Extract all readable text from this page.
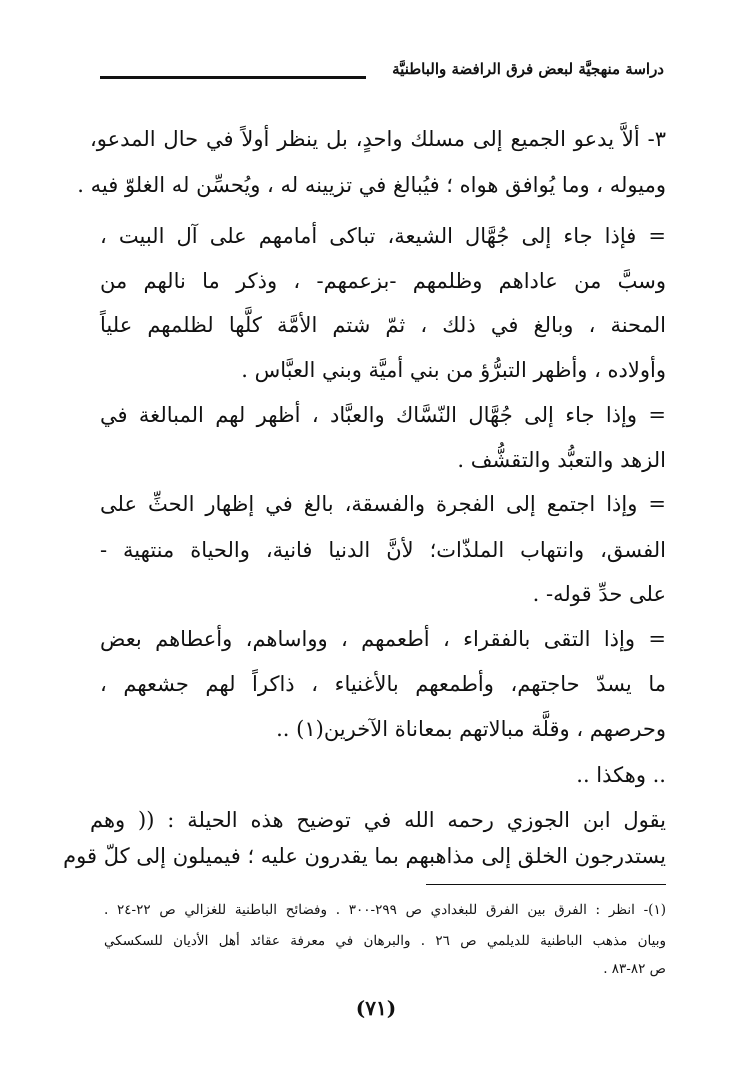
دراسة منهجيَّة لبعض فرق الرافضة والباطنيَّة
٣- ألاَّ يدعو الجميع إلى مسلك واحدٍ، بل ينظر أولاً في حال المدعو،
وميوله ، وما يُوافق هواه ؛ فيُبالغ في تزيينه له ، ويُحسِّن له الغلوّ فيه .
= فإذا جاء إلى جُهَّال الشيعة، تباكى أمامهم على آل البيت ،
وسبَّ من عاداهم وظلمهم -بزعمهم- ، وذكر ما نالهم من
المحنة ، وبالغ في ذلك ، ثمّ شتم الأمَّة كلَّها لظلمهم علياً
وأولاده ، وأظهر التبرُّؤ من بني أميَّة وبني العبَّاس .
= وإذا جاء إلى جُهَّال النّسَّاك والعبَّاد ، أظهر لهم المبالغة في
الزهد والتعبُّد والتقشُّف .
= وإذا اجتمع إلى الفجرة والفسقة، بالغ في إظهار الحثِّ على
الفسق، وانتهاب الملذّات؛ لأنَّ الدنيا فانية، والحياة منتهية -
على حدِّ قوله- .
= وإذا التقى بالفقراء ، أطعمهم ، وواساهم، وأعطاهم بعض
ما يسدّ حاجتهم، وأطمعهم بالأغنياء ، ذاكراً لهم جشعهم ،
وحرصهم ، وقلَّة مبالاتهم بمعاناة الآخرين(١) ..
.. وهكذا ..
يقول ابن الجوزي رحمه الله في توضيح هذه الحيلة : (( وهم
يستدرجون الخلق إلى مذاهبهم بما يقدرون عليه ؛ فيميلون إلى كلّ قوم
(١)- انظر : الفرق بين الفرق للبغدادي ص ٢٩٩-٣٠٠ . وفضائح الباطنية للغزالي ص ٢٢-٢٤ .
وبيان مذهب الباطنية للديلمي ص ٢٦ . والبرهان في معرفة عقائد أهل الأديان للسكسكي
ص ٨٢-٨٣ .
(٧١)
